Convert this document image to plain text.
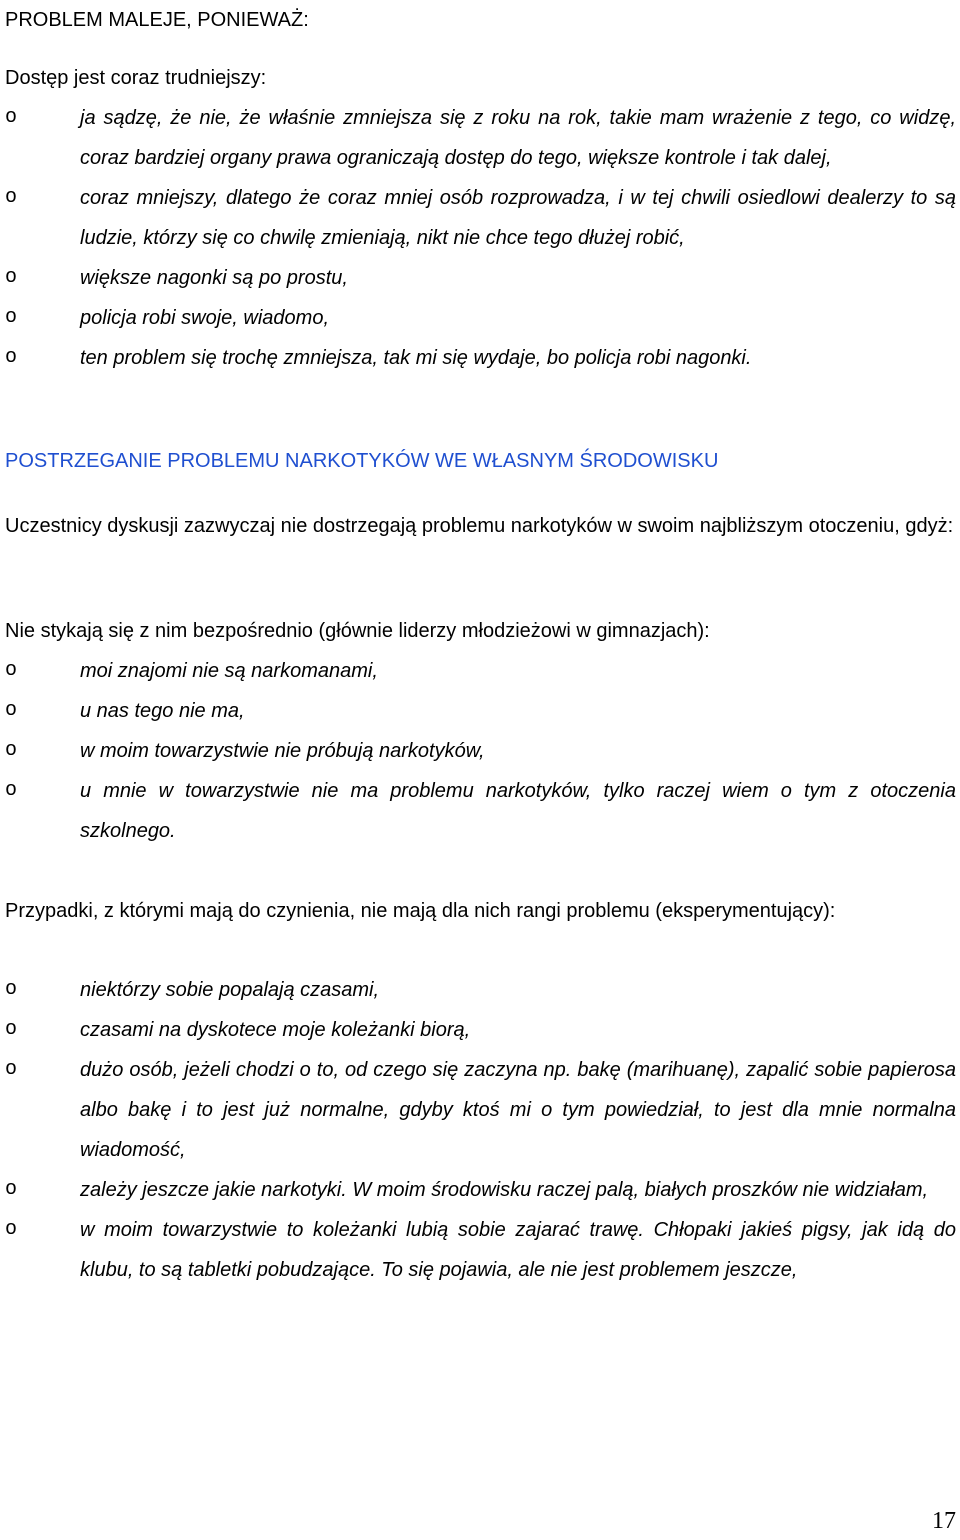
PROBLEM MALEJE, PONIEWAŻ:

Dostęp jest coraz trudniejszy:

o	ja sądzę, że nie, że właśnie zmniejsza się z roku na rok, takie mam wrażenie z tego, co widzę, coraz bardziej organy prawa ograniczają dostęp do tego, większe kontrole i tak dalej,
o	coraz mniejszy, dlatego że coraz mniej osób rozprowadza, i w tej chwili osiedlowi dealerzy to są ludzie, którzy się co chwilę zmieniają, nikt nie chce tego dłużej robić,
o	większe nagonki są po prostu,
o	policja robi swoje, wiadomo,
o	ten problem się trochę zmniejsza, tak mi się wydaje, bo policja robi nagonki.

POSTRZEGANIE PROBLEMU NARKOTYKÓW WE WŁASNYM ŚRODOWISKU

Uczestnicy dyskusji zazwyczaj nie dostrzegają problemu narkotyków w swoim najbliższym otoczeniu, gdyż:

Nie stykają się z nim bezpośrednio (głównie liderzy młodzieżowi w gimnazjach):

o	moi znajomi nie są narkomanami,
o	u nas tego nie ma,
o	w moim towarzystwie nie próbują narkotyków,
o	u mnie w towarzystwie nie ma problemu narkotyków, tylko raczej wiem o tym z otoczenia szkolnego.

Przypadki, z którymi mają do czynienia, nie mają dla nich rangi problemu (eksperymentujący):

o	niektórzy sobie popalają czasami,
o	czasami na dyskotece moje koleżanki biorą,
o	dużo osób, jeżeli chodzi o to, od czego się zaczyna np. bakę (marihuanę), zapalić sobie papierosa albo bakę i to jest już normalne, gdyby ktoś mi o tym powiedział, to jest dla mnie normalna wiadomość,
o	zależy jeszcze jakie narkotyki. W moim środowisku raczej palą, białych proszków nie widziałam,
o	w moim towarzystwie to koleżanki lubią sobie zajarać trawę. Chłopaki jakieś pigsy, jak idą do klubu, to są tabletki pobudzające. To się pojawia, ale nie jest problemem jeszcze,
17
